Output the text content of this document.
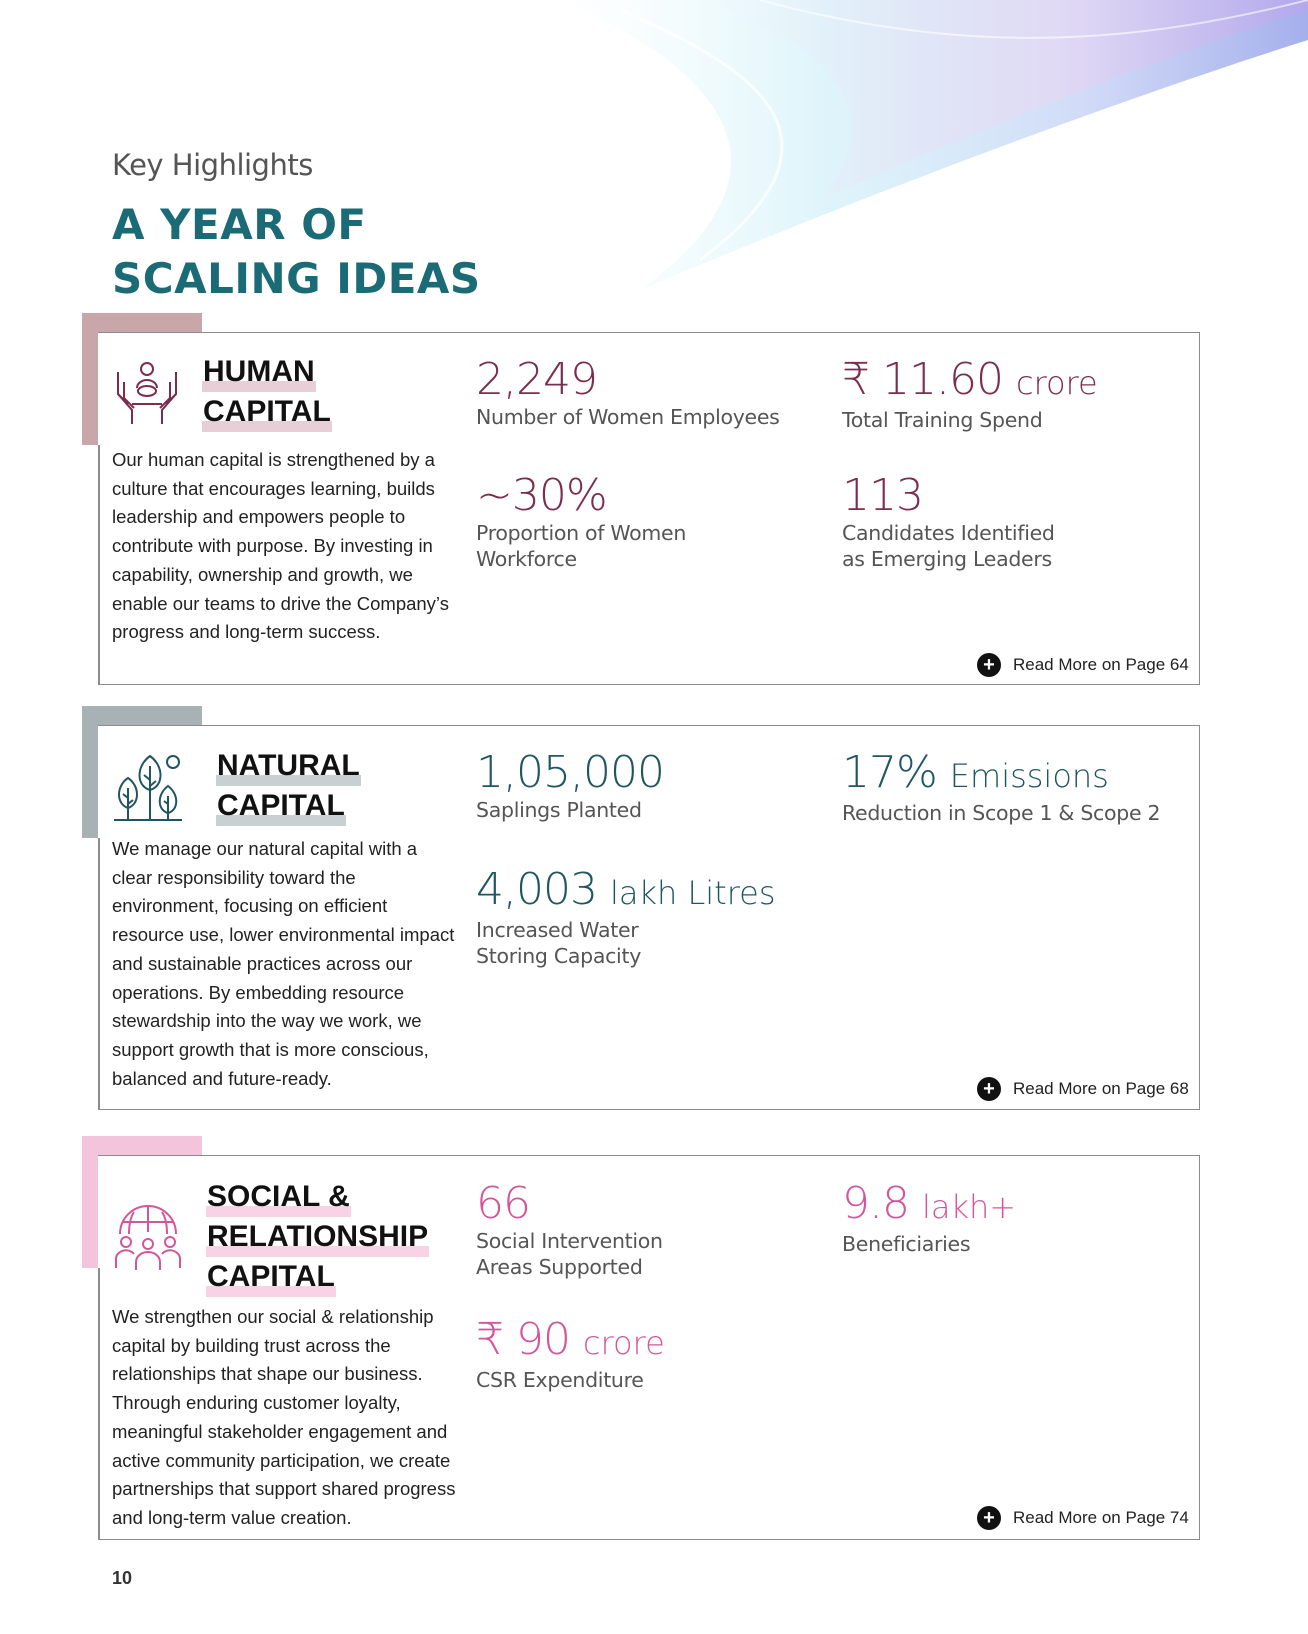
Key Highlights
A YEAR OF
SCALING IDEAS
HUMAN
CAPITAL
Our human capital is strengthened by a culture that encourages learning, builds leadership and empowers people to contribute with purpose. By investing in capability, ownership and growth, we enable our teams to drive the Company’s progress and long-term success.
2,249
Number of Women Employees
₹ 11.60 crore
Total Training Spend
~30%
Proportion of Women
Workforce
113
Candidates Identified
as Emerging Leaders
+	Read More on Page 64
NATURAL
CAPITAL
We manage our natural capital with a clear responsibility toward the environment, focusing on efficient resource use, lower environmental impact and sustainable practices across our operations. By embedding resource stewardship into the way we work, we support growth that is more conscious, balanced and future-ready.
1,05,000
Saplings Planted
17% Emissions
Reduction in Scope 1 & Scope 2
4,003 lakh Litres
Increased Water
Storing Capacity
+	Read More on Page 68
SOCIAL &
RELATIONSHIP
CAPITAL
We strengthen our social & relationship capital by building trust across the relationships that shape our business. Through enduring customer loyalty, meaningful stakeholder engagement and active community participation, we create partnerships that support shared progress and long-term value creation.
66
Social Intervention
Areas Supported
9.8 lakh+
Beneficiaries
₹ 90 crore
CSR Expenditure
+	Read More on Page 74
10
